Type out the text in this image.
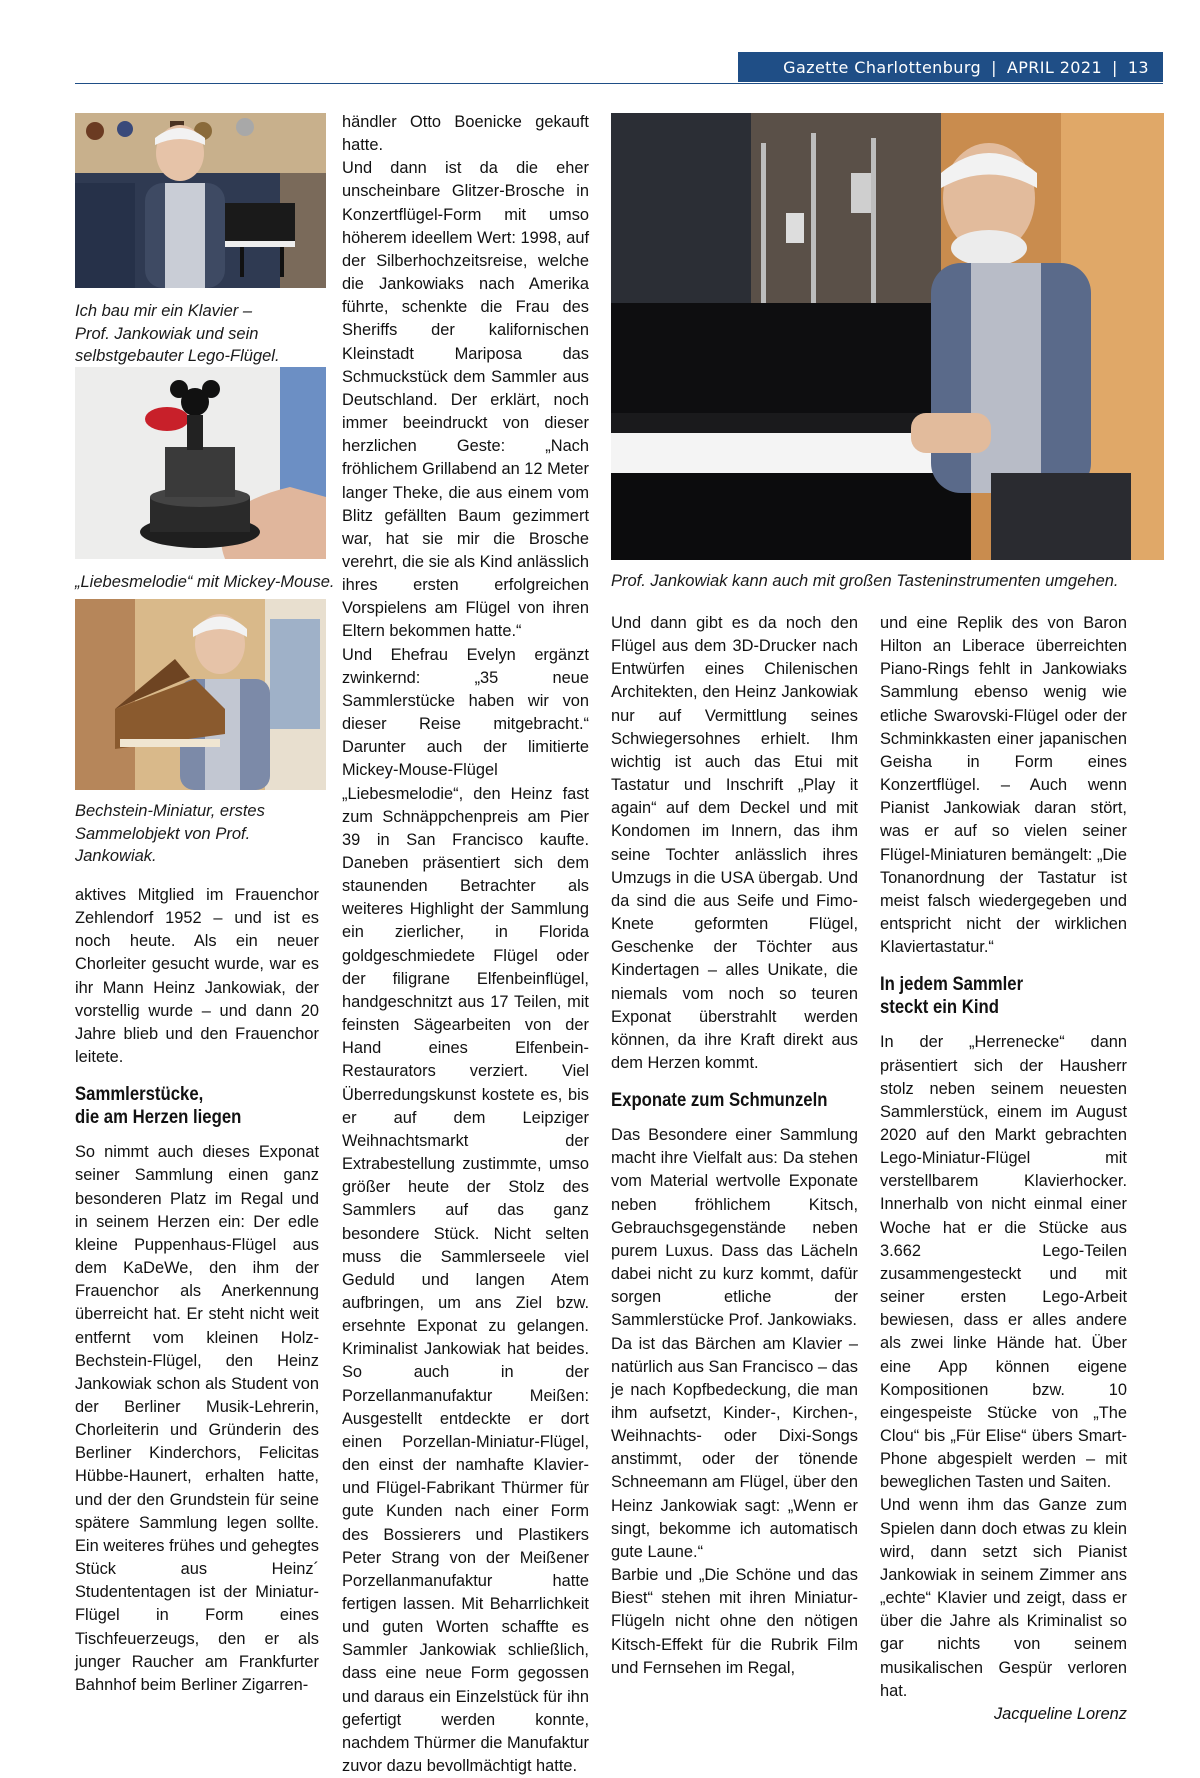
Gazette Charlottenburg | APRIL 2021 | 13
Ich bau mir ein Klavier – Prof. Jankowiak und sein selbstgebauter Lego-Flügel.
„Liebesmelodie“ mit Mickey-Mouse.
Bechstein-Miniatur, erstes Sammelobjekt von Prof. Jankowiak.
Prof. Jankowiak kann auch mit großen Tasteninstrumenten umgehen.

aktives Mitglied im Frauenchor Zehlendorf 1952 – und ist es noch heute. Als ein neuer Chorleiter gesucht wurde, war es ihr Mann Heinz Jankowiak, der vorstellig wurde – und dann 20 Jahre blieb und den Frauenchor leitete.

Sammlerstücke,
die am Herzen liegen

So nimmt auch dieses Exponat seiner Sammlung einen ganz besonderen Platz im Regal und in seinem Herzen ein: Der edle kleine Puppenhaus-Flügel aus dem KaDeWe, den ihm der Frauenchor als Anerkennung überreicht hat. Er steht nicht weit entfernt vom kleinen Holz-Bechstein-Flügel, den Heinz Jankowiak schon als Student von der Berliner Musik-Lehrerin, Chorleiterin und Gründerin des Berliner Kinderchors, Felicitas Hübbe-Haunert, erhalten hatte, und der den Grundstein für seine spätere Sammlung legen sollte. Ein weiteres frühes und gehegtes Stück aus Heinz´ Studententagen ist der Miniatur-Flügel in Form eines Tischfeuerzeugs, den er als junger Raucher am Frankfurter Bahnhof beim Berliner Zigarren-

händler Otto Boenicke gekauft hatte.

Und dann ist da die eher unscheinbare Glitzer-Brosche in Konzertflügel-Form mit umso höherem ideellem Wert: 1998, auf der Silberhochzeitsreise, welche die Jankowiaks nach Amerika führte, schenkte die Frau des Sheriffs der kalifornischen Kleinstadt Mariposa das Schmuckstück dem Sammler aus Deutschland. Der erklärt, noch immer beeindruckt von dieser herzlichen Geste: „Nach fröhlichem Grillabend an 12 Meter langer Theke, die aus einem vom Blitz gefällten Baum gezimmert war, hat sie mir die Brosche verehrt, die sie als Kind anlässlich ihres ersten erfolgreichen Vorspielens am Flügel von ihren Eltern bekommen hatte.“

Und Ehefrau Evelyn ergänzt zwinkernd: „35 neue Sammlerstücke haben wir von dieser Reise mitgebracht.“ Darunter auch der limitierte Mickey-Mouse-Flügel „Liebesmelodie“, den Heinz fast zum Schnäppchenpreis am Pier 39 in San Francisco kaufte. Daneben präsentiert sich dem staunenden Betrachter als weiteres Highlight der Sammlung ein zierlicher, in Florida goldgeschmiedete Flügel oder der filigrane Elfenbeinflügel, handgeschnitzt aus 17 Teilen, mit feinsten Sägearbeiten von der Hand eines Elfenbein-Restaurators verziert. Viel Überredungskunst kostete es, bis er auf dem Leipziger Weihnachtsmarkt der Extrabestellung zustimmte, umso größer heute der Stolz des Sammlers auf das ganz besondere Stück. Nicht selten muss die Sammlerseele viel Geduld und langen Atem aufbringen, um ans Ziel bzw. ersehnte Exponat zu gelangen. Kriminalist Jankowiak hat beides. So auch in der Porzellanmanufaktur Meißen: Ausgestellt entdeckte er dort einen Porzellan-Miniatur-Flügel, den einst der namhafte Klavier- und Flügel-Fabrikant Thürmer für gute Kunden nach einer Form des Bossierers und Plastikers Peter Strang von der Meißener Porzellanmanufaktur hatte fertigen lassen. Mit Beharrlichkeit und guten Worten schaffte es Sammler Jankowiak schließlich, dass eine neue Form gegossen und daraus ein Einzelstück für ihn gefertigt werden konnte, nachdem Thürmer die Manufaktur zuvor dazu bevollmächtigt hatte.

Und dann gibt es da noch den Flügel aus dem 3D-Drucker nach Entwürfen eines Chilenischen Architekten, den Heinz Jankowiak nur auf Vermittlung seines Schwiegersohnes erhielt. Ihm wichtig ist auch das Etui mit Tastatur und Inschrift „Play it again“ auf dem Deckel und mit Kondomen im Innern, das ihm seine Tochter anlässlich ihres Umzugs in die USA übergab. Und da sind die aus Seife und Fimo-Knete geformten Flügel, Geschenke der Töchter aus Kindertagen – alles Unikate, die niemals vom noch so teuren Exponat überstrahlt werden können, da ihre Kraft direkt aus dem Herzen kommt.

Exponate zum Schmunzeln

Das Besondere einer Sammlung macht ihre Vielfalt aus: Da stehen vom Material wertvolle Exponate neben fröhlichem Kitsch, Gebrauchsgegenstände neben purem Luxus. Dass das Lächeln dabei nicht zu kurz kommt, dafür sorgen etliche der Sammlerstücke Prof. Jankowiaks.

Da ist das Bärchen am Klavier – natürlich aus San Francisco – das je nach Kopfbedeckung, die man ihm aufsetzt, Kinder-, Kirchen-, Weihnachts- oder Dixi-Songs anstimmt, oder der tönende Schneemann am Flügel, über den Heinz Jankowiak sagt: „Wenn er singt, bekomme ich automatisch gute Laune.“

Barbie und „Die Schöne und das Biest“ stehen mit ihren Miniatur-Flügeln nicht ohne den nötigen Kitsch-Effekt für die Rubrik Film und Fernsehen im Regal,

und eine Replik des von Baron Hilton an Liberace überreichten Piano-Rings fehlt in Jankowiaks Sammlung ebenso wenig wie etliche Swarovski-Flügel oder der Schminkkasten einer japanischen Geisha in Form eines Konzertflügel. – Auch wenn Pianist Jankowiak daran stört, was er auf so vielen seiner Flügel-Miniaturen bemängelt: „Die Tonanordnung der Tastatur ist meist falsch wiedergegeben und entspricht nicht der wirklichen Klaviertastatur.“

In jedem Sammler
steckt ein Kind

In der „Herrenecke“ dann präsentiert sich der Hausherr stolz neben seinem neuesten Sammlerstück, einem im August 2020 auf den Markt gebrachten Lego-Miniatur-Flügel mit verstellbarem Klavierhocker. Innerhalb von nicht einmal einer Woche hat er die Stücke aus 3.662 Lego-Teilen zusammengesteckt und mit seiner ersten Lego-Arbeit bewiesen, dass er alles andere als zwei linke Hände hat. Über eine App können eigene Kompositionen bzw. 10 eingespeiste Stücke von „The Clou“ bis „Für Elise“ übers Smart-Phone abgespielt werden – mit beweglichen Tasten und Saiten.

Und wenn ihm das Ganze zum Spielen dann doch etwas zu klein wird, dann setzt sich Pianist Jankowiak in seinem Zimmer ans „echte“ Klavier und zeigt, dass er über die Jahre als Kriminalist so gar nichts von seinem musikalischen Gespür verloren hat.

Jacqueline Lorenz
